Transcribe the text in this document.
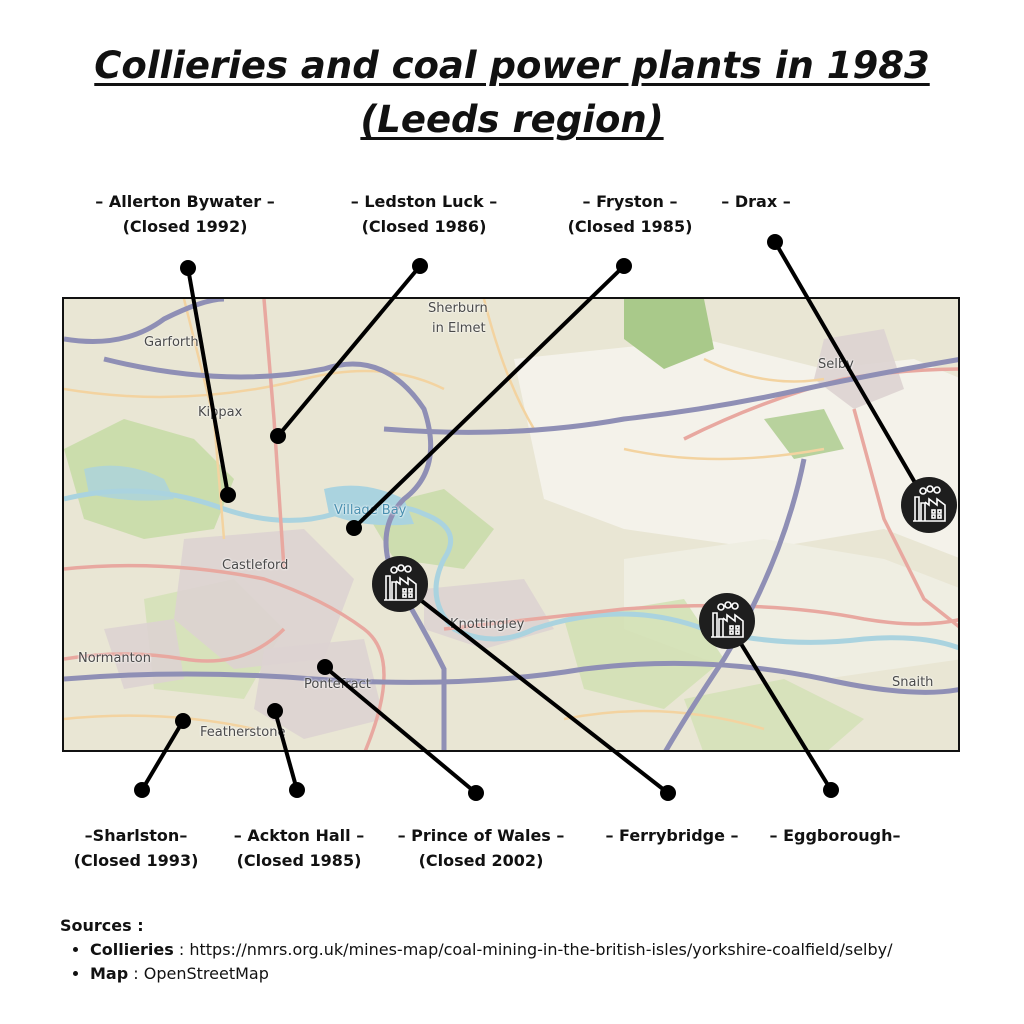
Collieries and coal power plants in 1983
(Leeds region)
– Allerton Bywater –
(Closed 1992)
– Ledston Luck –
(Closed 1986)
– Fryston –
(Closed 1985)
– Drax –
Garforth
Kippax
Sherburn
in Elmet
Selby
Castleford
Village Bay
Knottingley
Normanton
Pontefract
Featherstone
Snaith
–Sharlston–
(Closed 1993)
– Ackton Hall –
(Closed 1985)
– Prince of Wales –
(Closed 2002)
– Ferrybridge – – Eggborough–
Sources :
• Collieries : https://nmrs.org.uk/mines-map/coal-mining-in-the-british-isles/yorkshire-coalfield/selby/
• Map : OpenStreetMap
